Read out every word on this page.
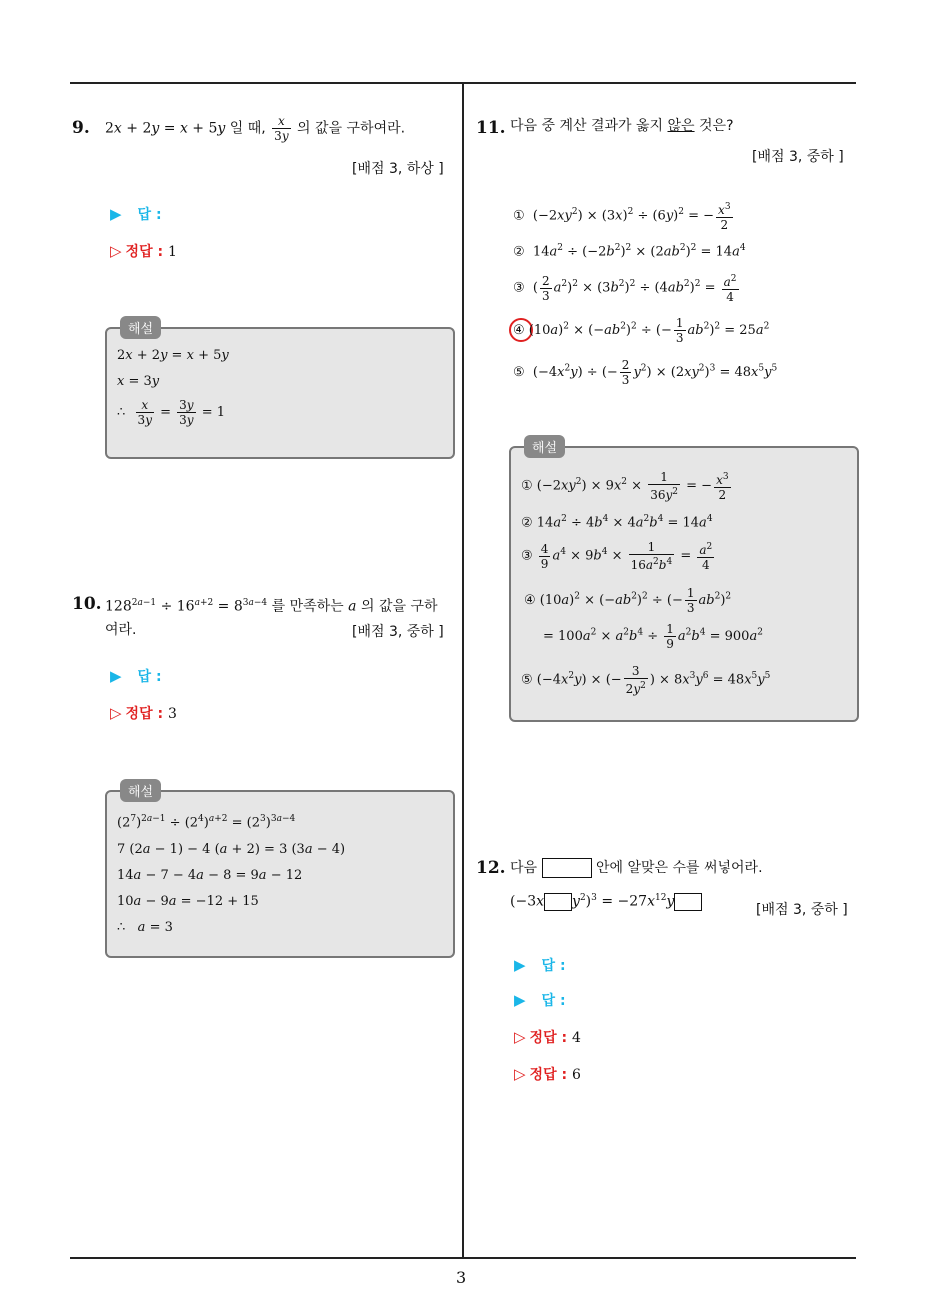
3
9. 2x + 2y = x + 5y 일 때, $\frac{x}{3y}$ 의 값을 구하여라.
[배점 3, 하상 ]
▶ 답 :
▷ 정답 : 1
해설
2x + 2y = x + 5y
x = 3y
∴ $\frac{x}{3y} = \frac{3y}{3y} = 1$
10. $128^{2a-1} \div 16^{a+2} = 8^{3a-4}$ 를 만족하는 a 의 값을 구하
여라.	[배점 3, 중하 ]
▶ 답 :
▷ 정답 : 3
해설
$(2^7)^{2a-1} \div (2^4)^{a+2} = (2^3)^{3a-4}$
7 (2a − 1) − 4 (a + 2) = 3 (3a − 4)
14a − 7 − 4a − 8 = 9a − 12
10a − 9a = −12 + 15
∴   a = 3
11. 다음 중 계산 결과가 옳지 않은 것은?
[배점 3, 중하 ]
①  $(-2xy^2) \times (3x)^2 \div (6y)^2$ = − $\frac{x^3}{2}$
②  $14a^2 \div (-2b^2)^2 \times (2ab^2)^2 = 14a^4$
③  ( $\frac{2}{3} a^2)^2 \times (3b^2)^2 \div (4ab^2)^2 = \frac{a^2}{4}$
④ $(10a)^2 \times (-ab^2)^2$ ÷ (− $\frac{1}{3} ab^2)^2 = 25a^2$
⑤  $(-4x^2y)$ ÷ (− $\frac{2}{3} y^2) \times (2xy^2)^3 = 48x^5y^5$
해설
① $(-2xy^2) \times 9x^2 \times \frac{1}{36y^2}$ = − $\frac{x^3}{2}$
② $14a^2 \div 4b^4 \times 4a^2b^4 = 14a^4$
③ $\frac{4}{9} a^4 \times 9b^4 \times \frac{1}{16a^2b^4} = \frac{a^2}{4}$
④ $(10a)^2 \times (-ab^2)^2$ ÷ (− $\frac{1}{3} ab^2)^2$
= $100a^2 \times a^2b^4 \div \frac{1}{9} a^2b^4 = 900a^2$
⑤ $(-4x^2y)$ × (− $\frac{3}{2y^2}$ ) × $8x^3y^6 = 48x^5y^5$
12. 다음	안에 알맞은 수를 써넣어라.
(−3x $y^2)^3 = -27x^{12}y$
[배점 3, 중하 ]
▶ 답 :
▶ 답 :
▷ 정답 : 4
▷ 정답 : 6
